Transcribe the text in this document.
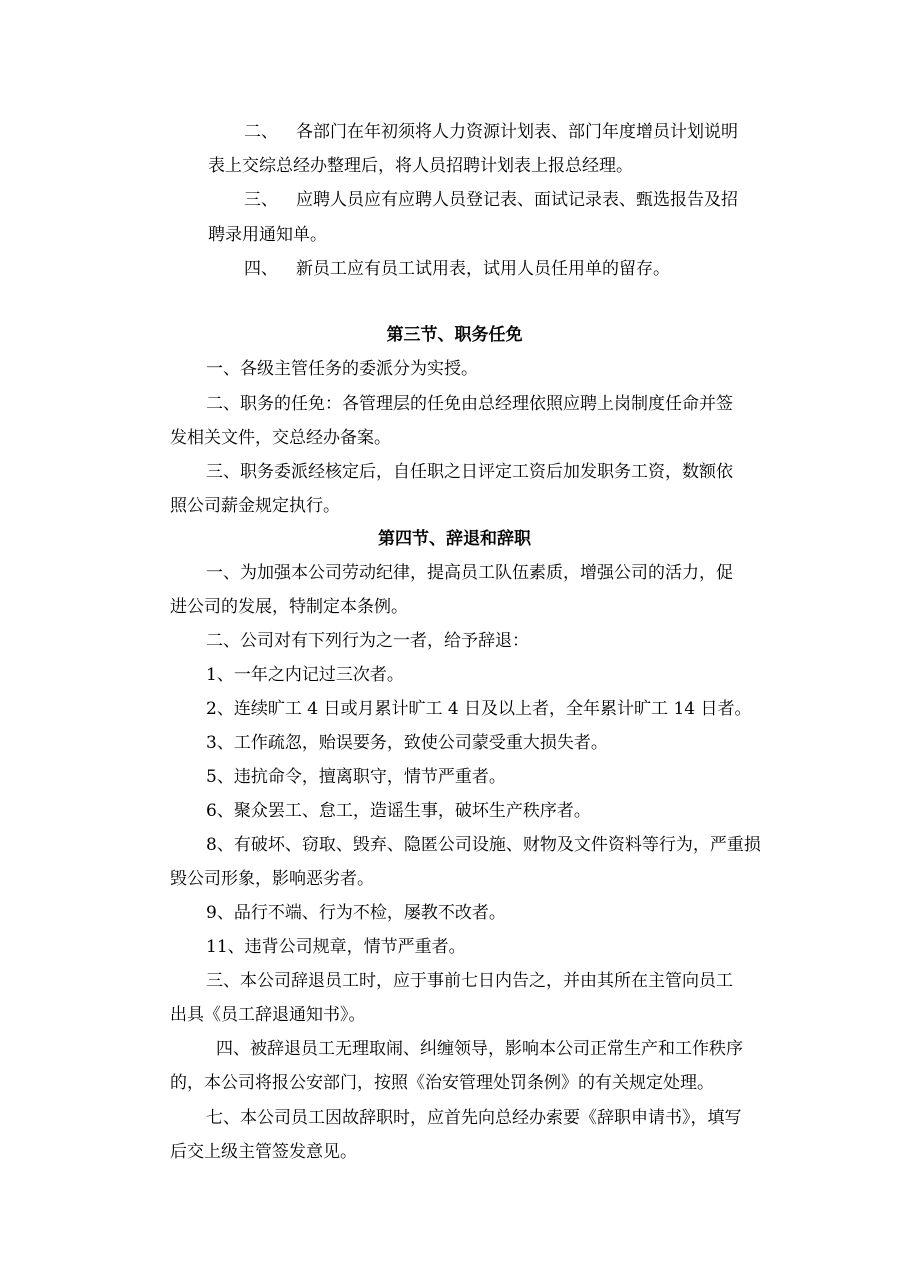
二、 各部门在年初须将人力资源计划表、部门年度增员计划说明
表上交综总经办整理后，将人员招聘计划表上报总经理。
三、 应聘人员应有应聘人员登记表、面试记录表、甄选报告及招
聘录用通知单。
四、 新员工应有员工试用表，试用人员任用单的留存。
第三节、职务任免
一、各级主管任务的委派分为实授。
二、职务的任免：各管理层的任免由总经理依照应聘上岗制度任命并签
发相关文件，交总经办备案。
三、职务委派经核定后，自任职之日评定工资后加发职务工资，数额依
照公司薪金规定执行。
第四节、辞退和辞职
一、为加强本公司劳动纪律，提高员工队伍素质，增强公司的活力，促
进公司的发展，特制定本条例。
二、公司对有下列行为之一者，给予辞退：
1、一年之内记过三次者。
2、连续旷工 4 日或月累计旷工 4 日及以上者，全年累计旷工 14 日者。
3、工作疏忽，贻误要务，致使公司蒙受重大损失者。
5、违抗命令，擅离职守，情节严重者。
6、聚众罢工、怠工，造谣生事，破坏生产秩序者。
8、有破坏、窃取、毁弃、隐匿公司设施、财物及文件资料等行为，严重损
毁公司形象，影响恶劣者。
9、品行不端、行为不检，屡教不改者。
11、违背公司规章，情节严重者。
三、本公司辞退员工时，应于事前七日内告之，并由其所在主管向员工
出具《员工辞退通知书》。
四、被辞退员工无理取闹、纠缠领导，影响本公司正常生产和工作秩序
的，本公司将报公安部门，按照《治安管理处罚条例》的有关规定处理。
七、本公司员工因故辞职时，应首先向总经办索要《辞职申请书》，填写
后交上级主管签发意见。
